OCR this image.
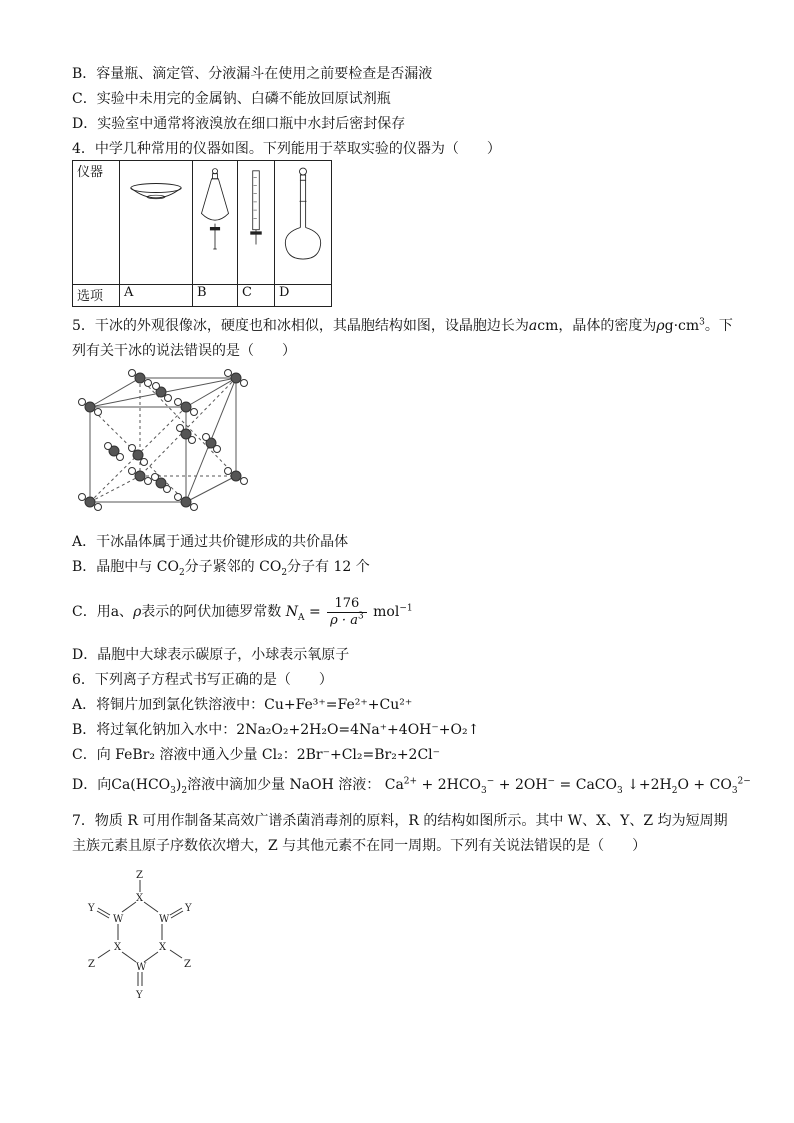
B．容量瓶、滴定管、分液漏斗在使用之前要检查是否漏液
C．实验中未用完的金属钠、白磷不能放回原试剂瓶
D．实验室中通常将液溴放在细口瓶中水封后密封保存
4．中学几种常用的仪器如图。下列能用于萃取实验的仪器为（　　）
仪器	

选项	A	B	C	D
5．干冰的外观很像冰，硬度也和冰相似，其晶胞结构如图，设晶胞边长为acm，晶体的密度为$\rho g\cdot cm^3$。下
列有关干冰的说法错误的是（　　）
A．干冰晶体属于通过共价键形成的共价晶体
B．晶胞中与 $CO_2$分子紧邻的 $CO_2$分子有 12 个
C．用a、ρ表示的阿伏加德罗常数 $N_A = \frac{176}{\rho \cdot a^3} mol^{-1}$
D．晶胞中大球表示碳原子，小球表示氧原子
6．下列离子方程式书写正确的是（　　）
A．将铜片加到氯化铁溶液中：Cu+Fe³⁺=Fe²⁺+Cu²⁺
B．将过氧化钠加入水中：2Na₂O₂+2H₂O=4Na⁺+4OH⁻+O₂↑
C．向 FeBr₂ 溶液中通入少量 Cl₂：2Br⁻+Cl₂=Br₂+2Cl⁻
D．向$Ca(HCO_3)_2$溶液中滴加少量 NaOH 溶液： $Ca^{2+} + 2HCO_3^- + 2OH^-$ = CaCO$_3$ $↓+2H_2O + CO_3^{2-}$
7．物质 R 可用作制备某高效广谱杀菌消毒剂的原料，R 的结构如图所示。其中 W、X、Y、Z 均为短周期
主族元素且原子序数依次增大，Z 与其他元素不在同一周期。下列有关说法错误的是（　　）
Z
X
W	W
Y	Y
X	X
Z	Z
W
Y
